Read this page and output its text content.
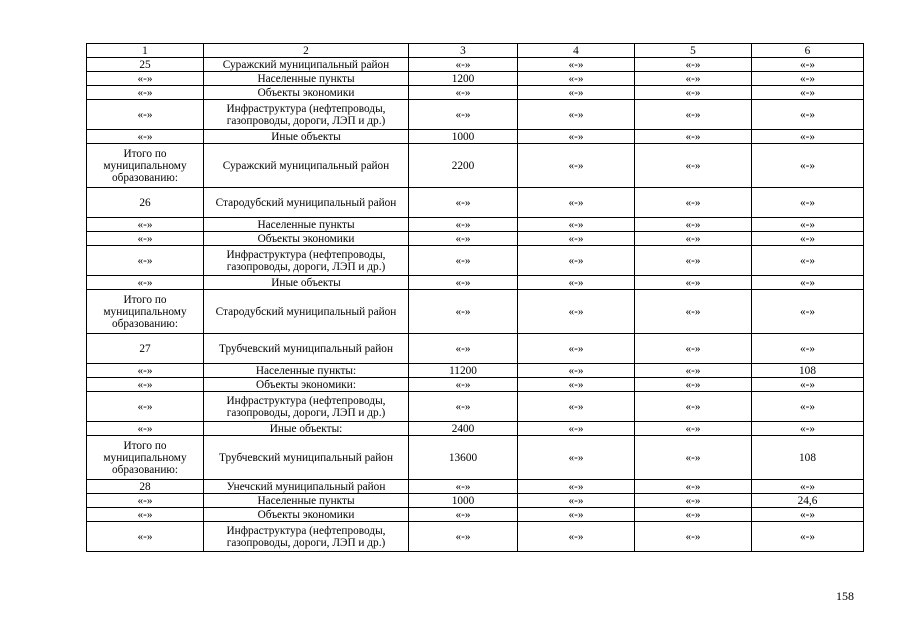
1	2	3	4	5	6
25	Суражский муниципальный район	«-»	«-»	«-»	«-»
«-»	Населенные пункты	1200	«-»	«-»	«-»
«-»	Объекты экономики	«-»	«-»	«-»	«-»
«-»	Инфраструктура (нефтепроводы, газопроводы, дороги, ЛЭП и др.)	«-»	«-»	«-»	«-»
«-»	Иные объекты	1000	«-»	«-»	«-»
Итого по муниципальному образованию:	Суражский муниципальный район	2200	«-»	«-»	«-»
26	Стародубский муниципальный район	«-»	«-»	«-»	«-»
«-»	Населенные пункты	«-»	«-»	«-»	«-»
«-»	Объекты экономики	«-»	«-»	«-»	«-»
«-»	Инфраструктура (нефтепроводы, газопроводы, дороги, ЛЭП и др.)	«-»	«-»	«-»	«-»
«-»	Иные объекты	«-»	«-»	«-»	«-»
Итого по муниципальному образованию:	Стародубский муниципальный район	«-»	«-»	«-»	«-»
27	Трубчевский муниципальный район	«-»	«-»	«-»	«-»
«-»	Населенные пункты:	11200	«-»	«-»	108
«-»	Объекты экономики:	«-»	«-»	«-»	«-»
«-»	Инфраструктура (нефтепроводы, газопроводы, дороги, ЛЭП и др.)	«-»	«-»	«-»	«-»
«-»	Иные объекты:	2400	«-»	«-»	«-»
Итого по муниципальному образованию:	Трубчевский муниципальный район	13600	«-»	«-»	108
28	Унечский муниципальный район	«-»	«-»	«-»	«-»
«-»	Населенные пункты	1000	«-»	«-»	24,6
«-»	Объекты экономики	«-»	«-»	«-»	«-»
«-»	Инфраструктура (нефтепроводы, газопроводы, дороги, ЛЭП и др.)	«-»	«-»	«-»	«-»
158
